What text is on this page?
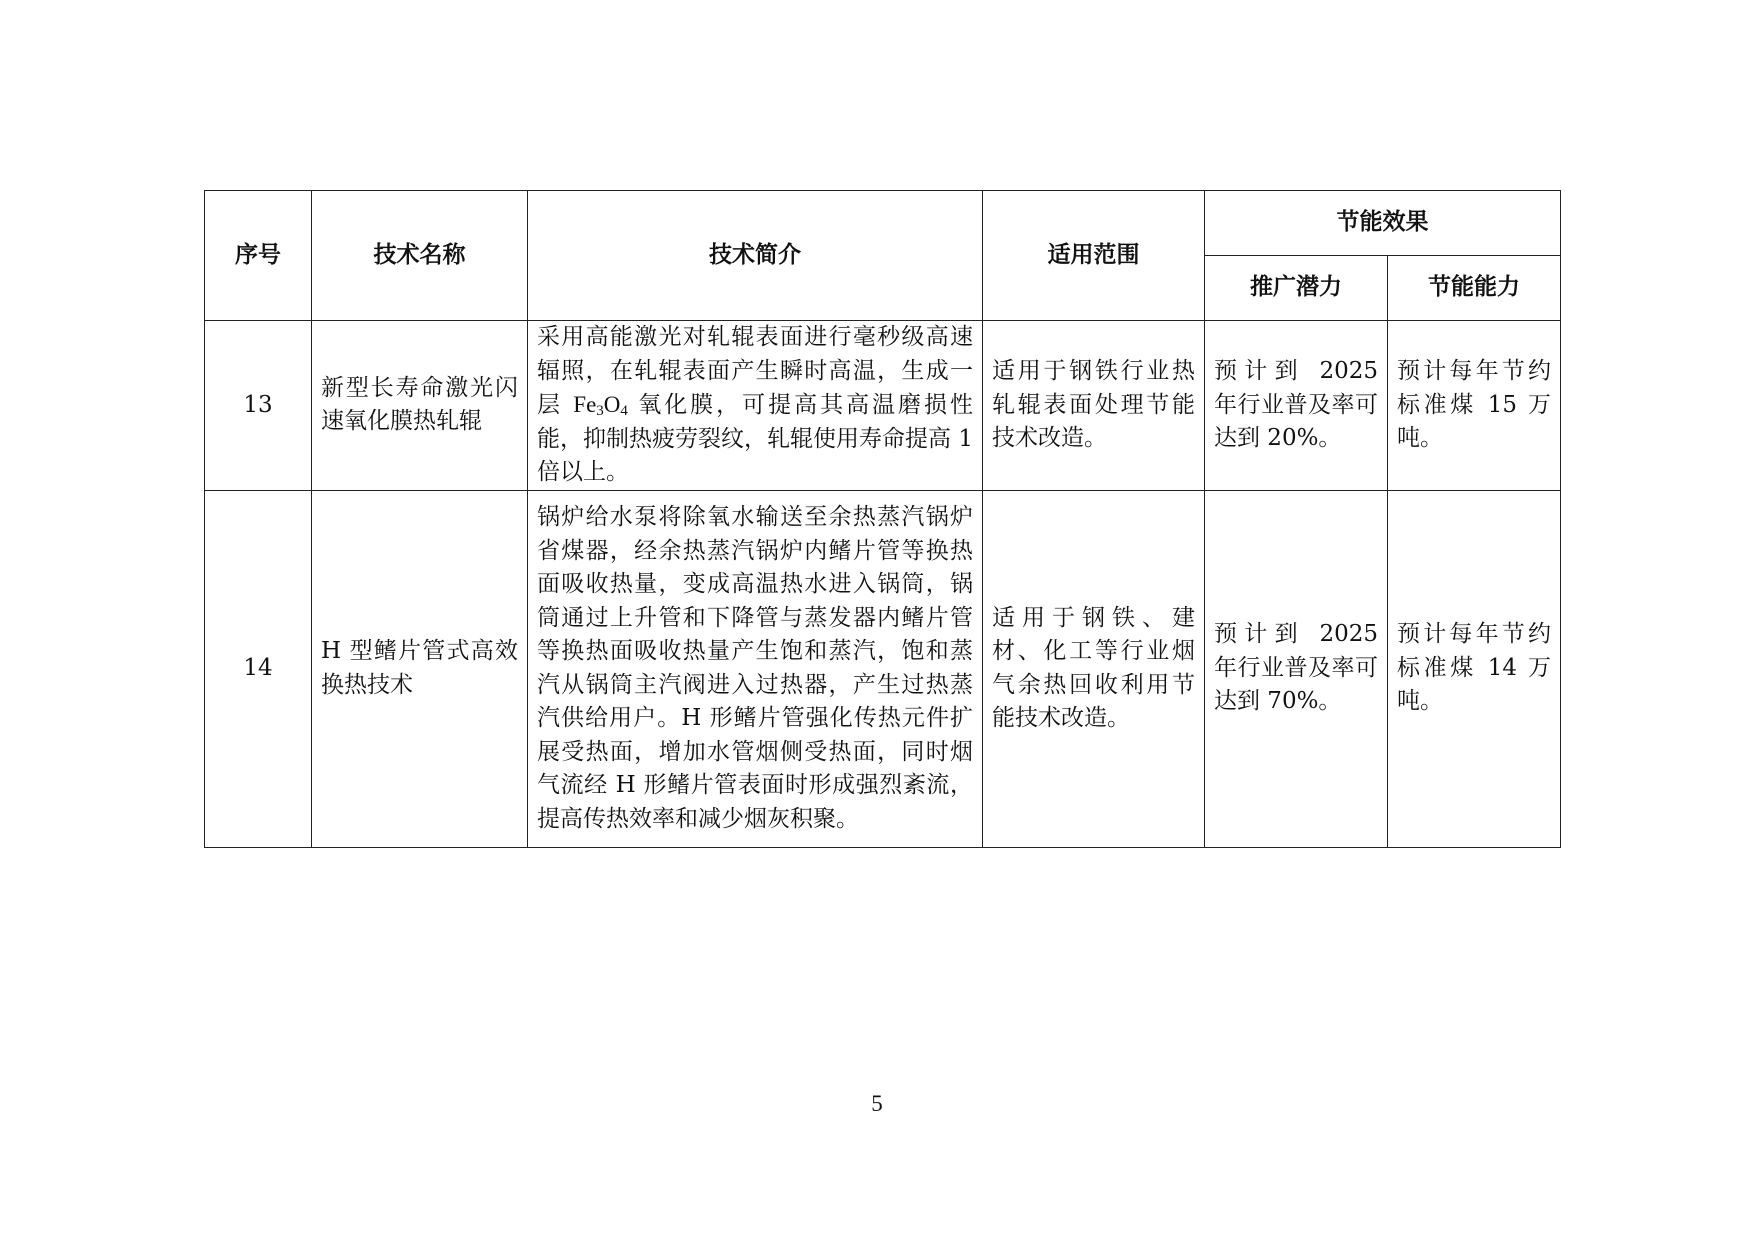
序号	技术名称	技术简介	适用范围	节能效果	
				推广潜力	节能能力
13	新型长寿命激光闪速氧化膜热轧辊	采用高能激光对轧辊表面进行毫秒级高速辐照，在轧辊表面产生瞬时高温，生成一层 $Fe_3O_4$ 氧化膜，可提高其高温磨损性能，抑制热疲劳裂纹，轧辊使用寿命提高 1 倍以上。	适用于钢铁行业热轧辊表面处理节能技术改造。	预计到 2025 年行业普及率可达到 20%。	预计每年节约标准煤 15 万吨。
14	H 型鳍片管式高效换热技术	锅炉给水泵将除氧水输送至余热蒸汽锅炉省煤器，经余热蒸汽锅炉内鳍片管等换热面吸收热量，变成高温热水进入锅筒，锅筒通过上升管和下降管与蒸发器内鳍片管等换热面吸收热量产生饱和蒸汽，饱和蒸汽从锅筒主汽阀进入过热器，产生过热蒸汽供给用户。H 形鳍片管强化传热元件扩展受热面，增加水管烟侧受热面，同时烟气流经 H 形鳍片管表面时形成强烈紊流，提高传热效率和减少烟灰积聚。	适用于钢铁、建材、化工等行业烟气余热回收利用节能技术改造。	预计到 2025 年行业普及率可达到 70%。	预计每年节约标准煤 14 万吨。
5
